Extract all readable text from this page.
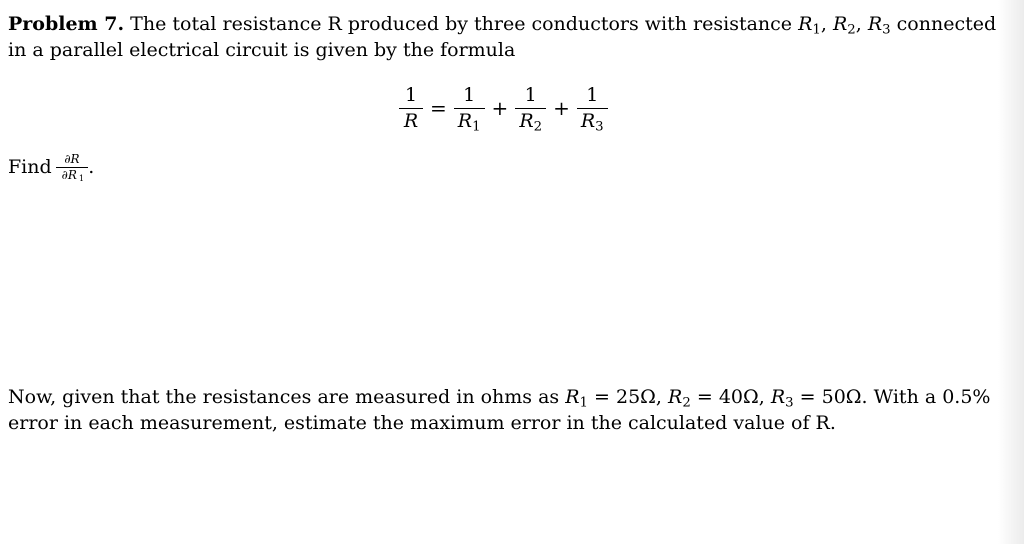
Problem 7. The total resistance R produced by three conductors with resistance $R_1$, $R_2$, $R_3$ connected in a parallel electrical circuit is given by the formula
$\frac{1}{R} = \frac{1}{R_1} + \frac{1}{R_2} + \frac{1}{R_3}$
Find ∂R
∂R $_1$ .
Now, given that the resistances are measured in ohms as $R_1 = 25\Omega$, $R_2 = 40\Omega$, $R_3 = 50\Omega$. With a 0.5% error in each measurement, estimate the maximum error in the calculated value of R.
